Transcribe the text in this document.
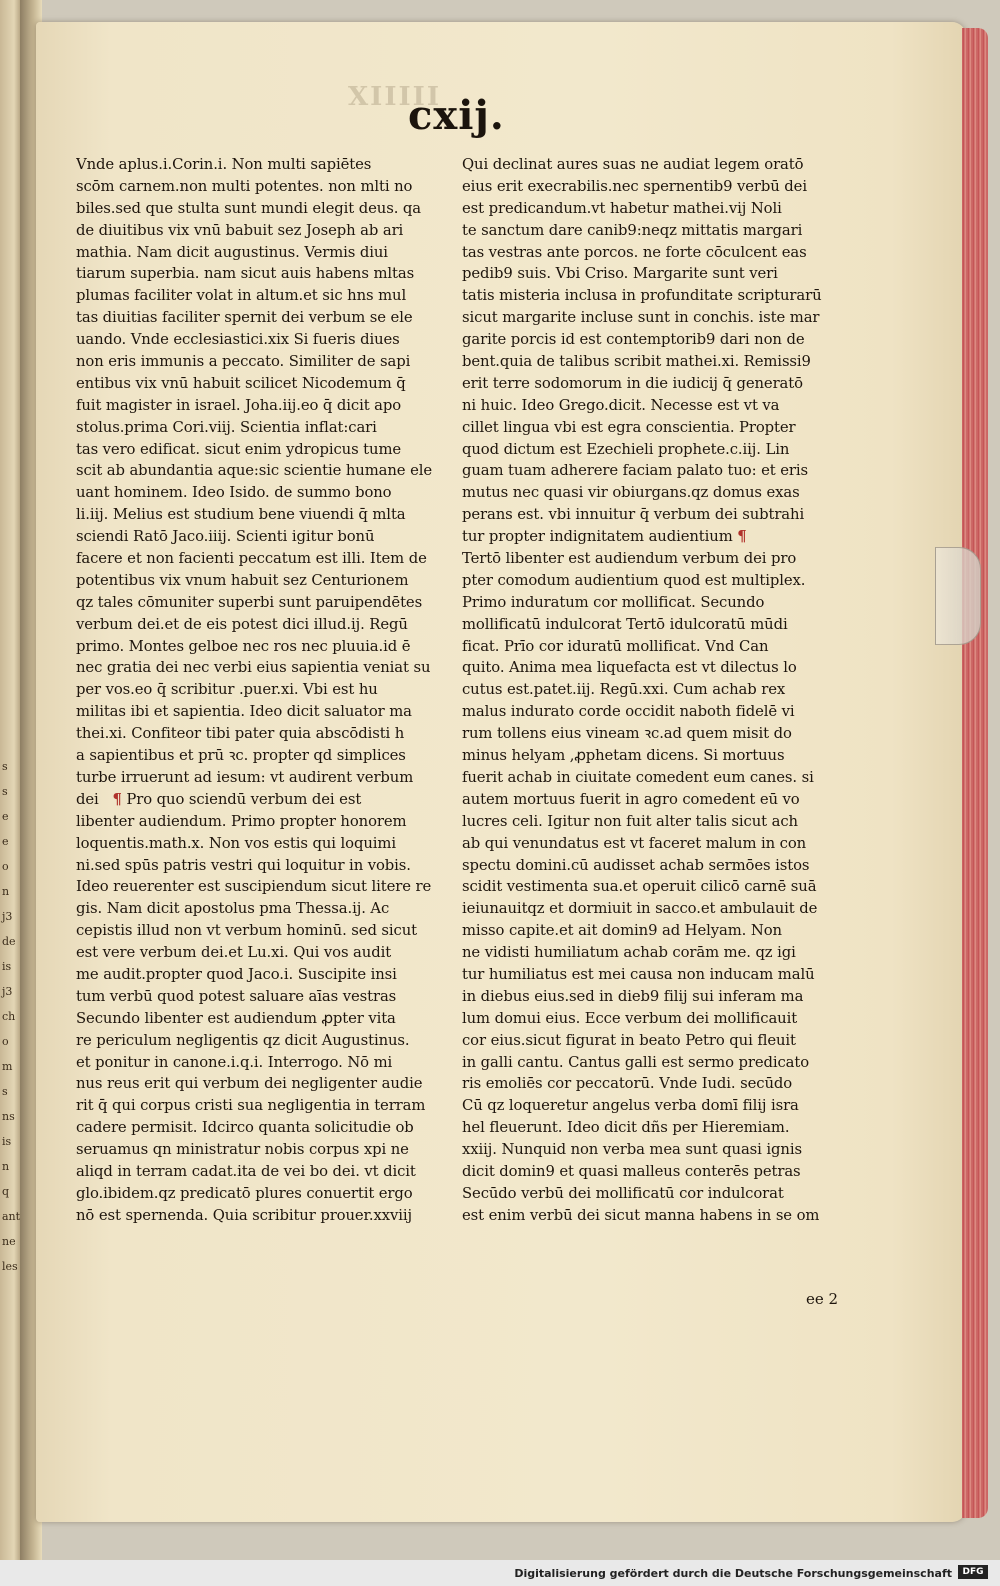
s
s
e
e
o
n
j3
de
is
j3
ch
o
m
s
ns
is
n
q
ant
ne
les
XIIIII
cxij.
Vnde aplus.i.Corin.i. Non multi sapiētes
scōm carnem.non multi potentes. non mlti no
biles.sed que stulta sunt mundi elegit deus. qa
de diuitibus vix vnū babuit sez Joseph ab ari
mathia. Nam dicit augustinus. Vermis diui
tiarum superbia. nam sicut auis habens mltas
plumas faciliter volat in altum.et sic hns mul
tas diuitias faciliter spernit dei verbum se ele
uando. Vnde ecclesiastici.xix Si fueris diues
non eris immunis a peccato. Similiter de sapi
entibus vix vnū habuit scilicet Nicodemum q̄
fuit magister in israel. Joha.iij.eo q̄ dicit apo
stolus.prima Cori.viij. Scientia inflat:cari
tas vero edificat. sicut enim ydropicus tume
scit ab abundantia aque:sic scientie humane ele
uant hominem. Ideo Isido. de summo bono
li.iij. Melius est studium bene viuendi q̄ mlta
sciendi Ratō Jaco.iiij. Scienti igitur bonū
facere et non facienti peccatum est illi. Item de
potentibus vix vnum habuit sez Centurionem
qz tales cōmuniter superbi sunt paruipendētes
verbum dei.et de eis potest dici illud.ij. Regū
primo. Montes gelboe nec ros nec pluuia.id ē
nec gratia dei nec verbi eius sapientia veniat su
per vos.eo q̄ scribitur .puer.xi. Vbi est hu
militas ibi et sapientia. Ideo dicit saluator ma
thei.xi. Confiteor tibi pater quia abscōdisti h
a sapientibus et prū ꝛc. propter qd simplices
turbe irruerunt ad iesum: vt audirent verbum
dei   ¶ Pro quo sciendū verbum dei est
libenter audiendum. Primo propter honorem
loquentis.math.x. Non vos estis qui loquimi
ni.sed spūs patris vestri qui loquitur in vobis.
Ideo reuerenter est suscipiendum sicut litere re
gis. Nam dicit apostolus pma Thessa.ij. Ac
cepistis illud non vt verbum hominū. sed sicut
est vere verbum dei.et Lu.xi. Qui vos audit
me audit.propter quod Jaco.i. Suscipite insi
tum verbū quod potest saluare aīas vestras
Secundo libenter est audiendum ꝓpter vita
re periculum negligentis qz dicit Augustinus.
et ponitur in canone.i.q.i. Interrogo. Nō mi
nus reus erit qui verbum dei negligenter audie
rit q̄ qui corpus cristi sua negligentia in terram
cadere permisit. Idcirco quanta solicitudie ob
seruamus qn ministratur nobis corpus xpi ne
aliqd in terram cadat.ita de vei bo dei. vt dicit
glo.ibidem.qz predicatō plures conuertit ergo
nō est spernenda. Quia scribitur prouer.xxviij
Qui declinat aures suas ne audiat legem oratō
eius erit execrabilis.nec spernentib9 verbū dei
est predicandum.vt habetur mathei.vij Noli
te sanctum dare canib9:neqz mittatis margari
tas vestras ante porcos. ne forte cōculcent eas
pedib9 suis. Vbi Criso. Margarite sunt veri
tatis misteria inclusa in profunditate scripturarū
sicut margarite incluse sunt in conchis. iste mar
garite porcis id est contemptorib9 dari non de
bent.quia de talibus scribit mathei.xi. Remissi9
erit terre sodomorum in die iudicij q̄ generatō
ni huic. Ideo Grego.dicit. Necesse est vt va
cillet lingua vbi est egra conscientia. Propter
quod dictum est Ezechieli prophete.c.iij. Lin
guam tuam adherere faciam palato tuo: et eris
mutus nec quasi vir obiurgans.qz domus exas
perans est. vbi innuitur q̄ verbum dei subtrahi
tur propter indignitatem audientium ¶
Tertō libenter est audiendum verbum dei pro
pter comodum audientium quod est multiplex.
Primo induratum cor mollificat. Secundo
mollificatū indulcorat Tertō idulcoratū mūdi
ficat. Prīo cor iduratū mollificat. Vnd Can
quito. Anima mea liquefacta est vt dilectus lo
cutus est.patet.iij. Regū.xxi. Cum achab rex
malus indurato corde occidit naboth fidelē vi
rum tollens eius vineam ꝛc.ad quem misit do
minus helyam ,ꝓphetam dicens. Si mortuus
fuerit achab in ciuitate comedent eum canes. si
autem mortuus fuerit in agro comedent eū vo
lucres celi. Igitur non fuit alter talis sicut ach
ab qui venundatus est vt faceret malum in con
spectu domini.cū audisset achab sermōes istos
scidit vestimenta sua.et operuit cilicō carnē suā
ieiunauitqz et dormiuit in sacco.et ambulauit de
misso capite.et ait domin9 ad Helyam. Non
ne vidisti humiliatum achab corām me. qz igi
tur humiliatus est mei causa non inducam malū
in diebus eius.sed in dieb9 filij sui inferam ma
lum domui eius. Ecce verbum dei mollificauit
cor eius.sicut figurat in beato Petro qui fleuit
in galli cantu. Cantus galli est sermo predicato
ris emoliēs cor peccatorū. Vnde Iudi. secūdo
Cū qz loqueretur angelus verba domī filij isra
hel fleuerunt. Ideo dicit dñs per Hieremiam.
xxiij. Nunquid non verba mea sunt quasi ignis
dicit domin9 et quasi malleus conterēs petras
Secūdo verbū dei mollificatū cor indulcorat
est enim verbū dei sicut manna habens in se om
ee 2
Digitalisierung gefördert durch die Deutsche Forschungsgemeinschaft	DFG
